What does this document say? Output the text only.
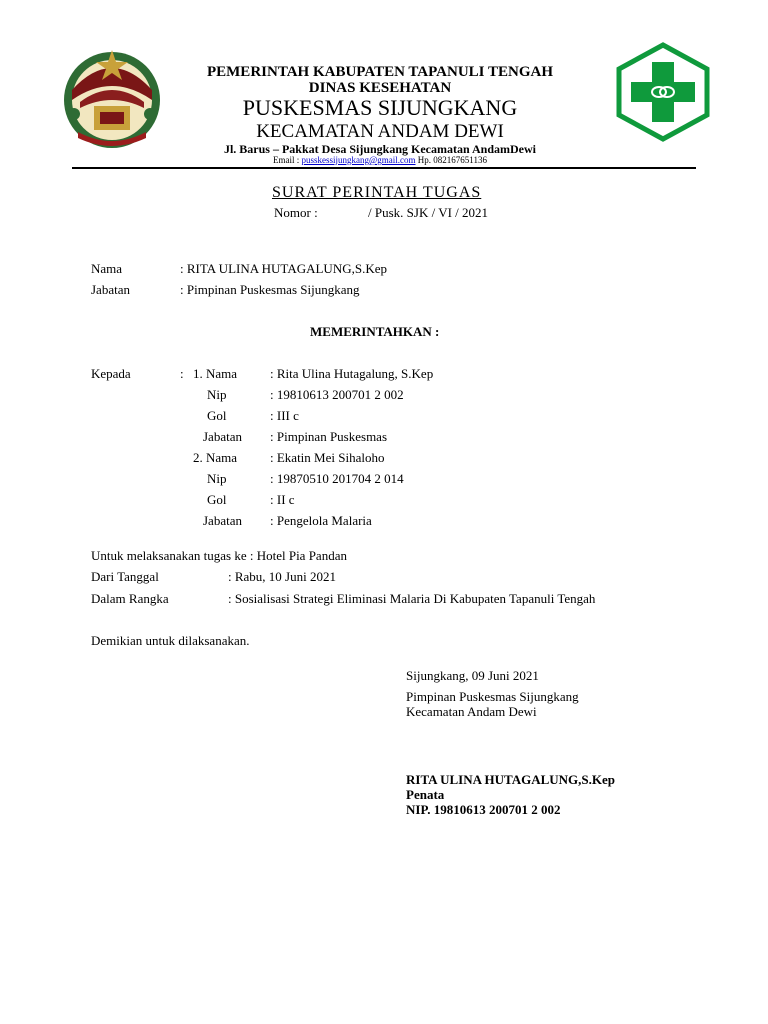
PEMERINTAH KABUPATEN TAPANULI TENGAH
DINAS KESEHATAN
PUSKESMAS SIJUNGKANG
KECAMATAN ANDAM DEWI
Jl. Barus – Pakkat Desa Sijungkang Kecamatan AndamDewi
Email : pusskessijungkang@gmail.com Hp. 082167651136
SURAT PERINTAH TUGAS
Nomor :	/ Pusk. SJK / VI / 2021
Nama	: RITA ULINA HUTAGALUNG,S.Kep
Jabatan	: Pimpinan Puskesmas Sijungkang
MEMERINTAHKAN :
Kepada	: 1. Nama	: Rita Ulina Hutagalung, S.Kep
Nip	: 19810613 200701 2 002
Gol	: III c
Jabatan : Pimpinan Puskesmas
2. Nama	: Ekatin Mei Sihaloho
Nip	: 19870510 201704 2 014
Gol	: II c
Jabatan : Pengelola Malaria
Untuk melaksanakan tugas ke : Hotel Pia Pandan
Dari Tanggal	: Rabu, 10 Juni 2021
Dalam Rangka	: Sosialisasi Strategi Eliminasi Malaria Di Kabupaten Tapanuli Tengah
Demikian untuk dilaksanakan.
Sijungkang, 09 Juni 2021
Pimpinan Puskesmas Sijungkang
Kecamatan Andam Dewi
RITA ULINA HUTAGALUNG,S.Kep
Penata
NIP. 19810613 200701 2 002
